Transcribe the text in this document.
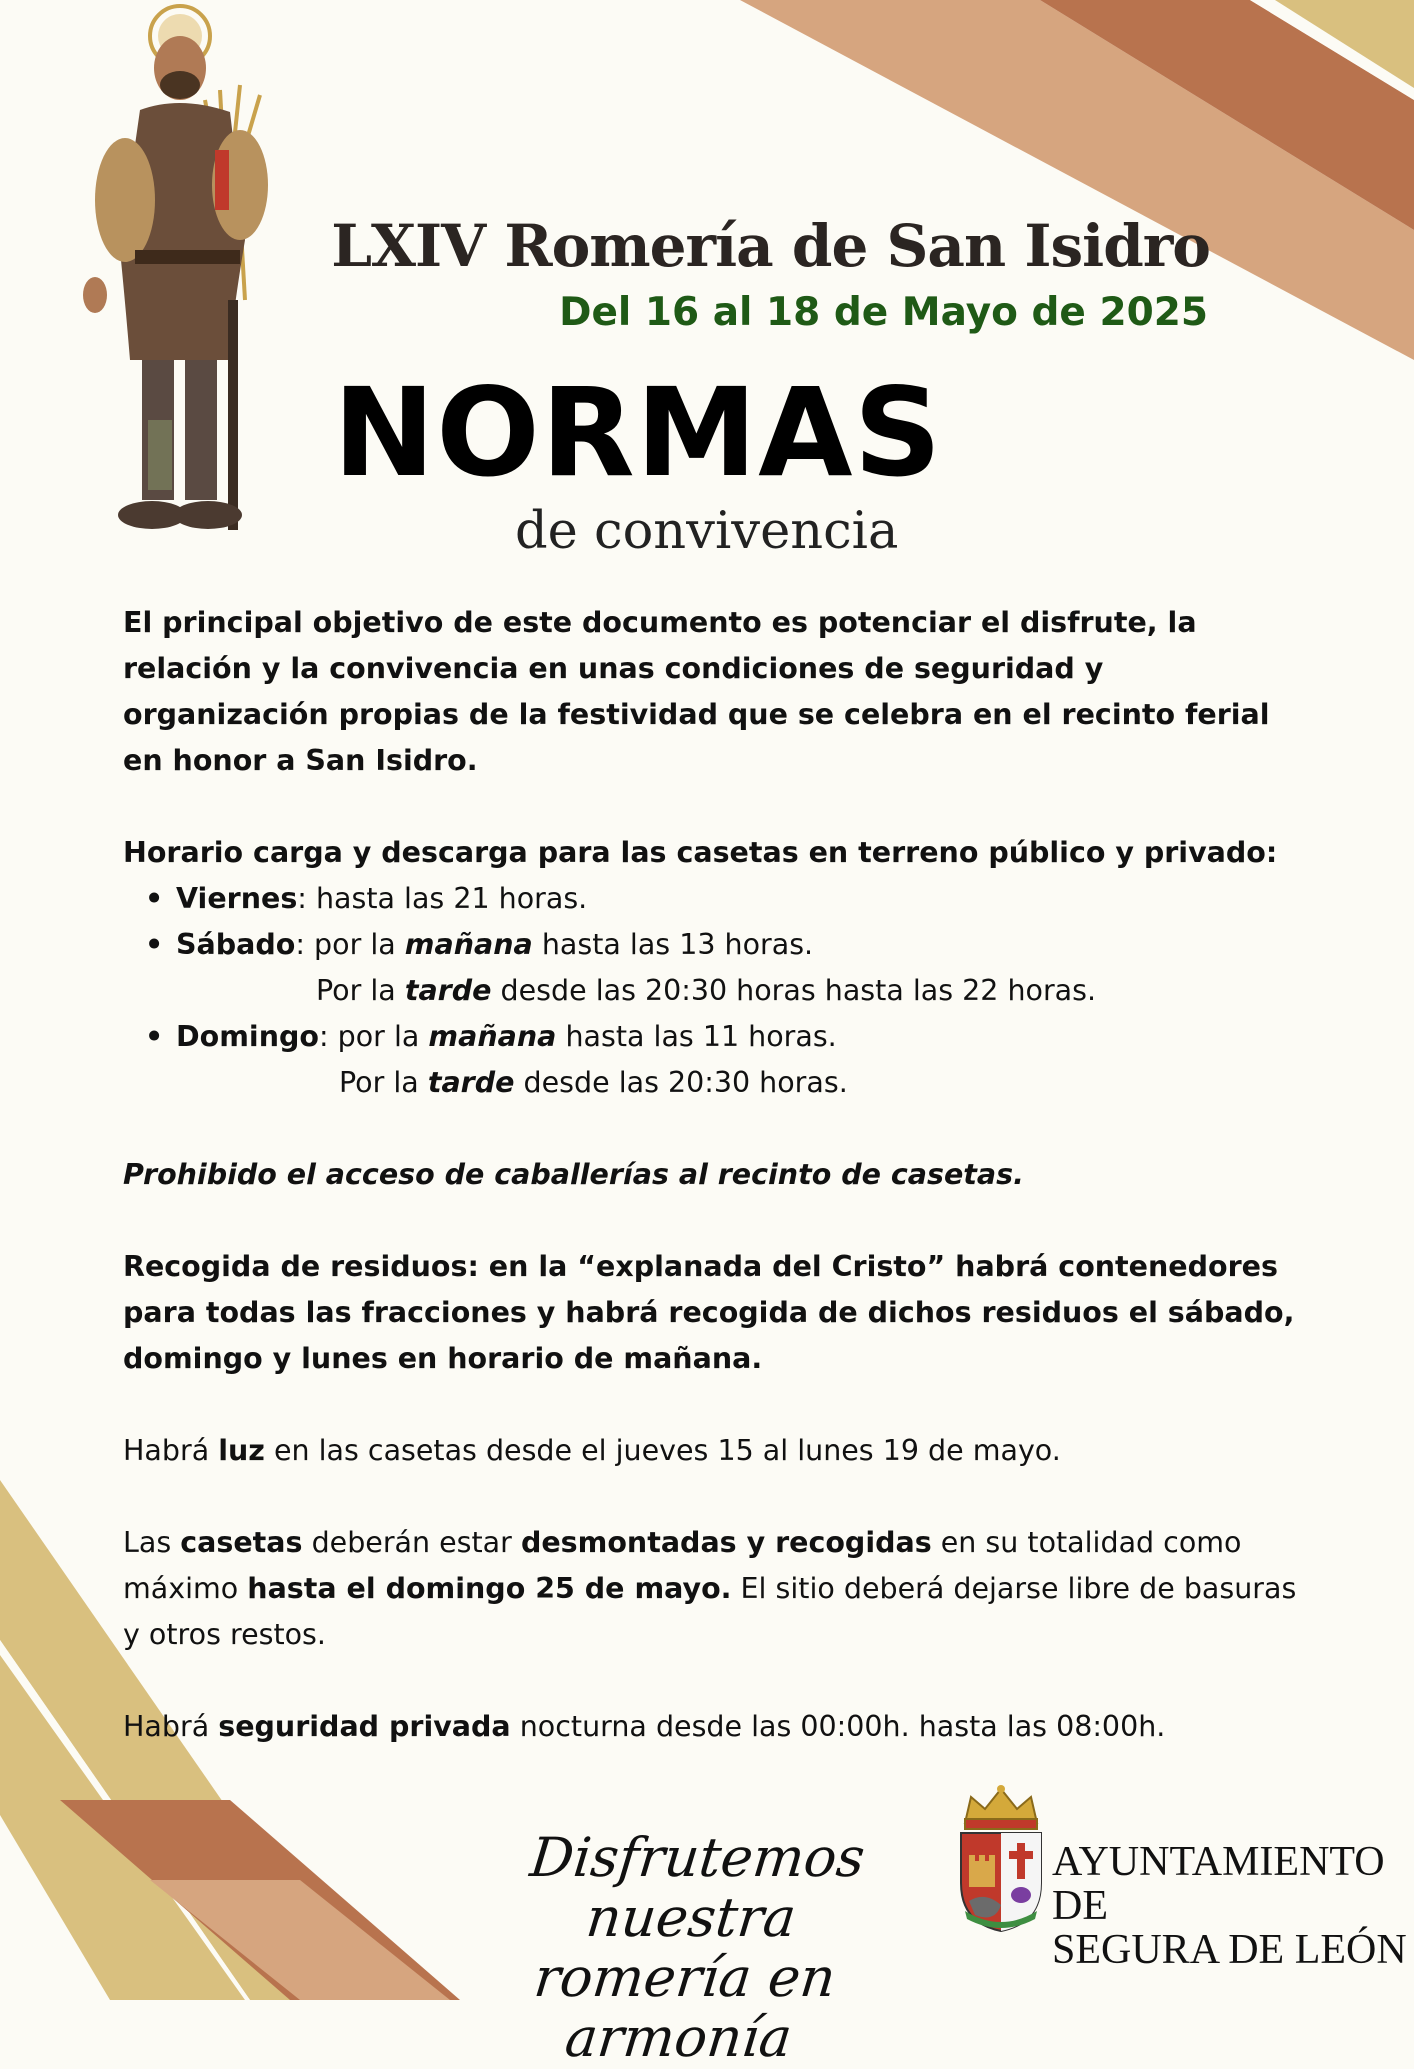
LXIV Romería de San Isidro
Del 16 al 18 de Mayo de 2025
NORMAS
de convivencia

El principal objetivo de este documento es potenciar el disfrute, la relación y la convivencia en unas condiciones de seguridad y organización propias de la festividad que se celebra en el recinto ferial en honor a San Isidro.

Horario carga y descarga para las casetas en terreno público y privado:

• Viernes: hasta las 21 horas.
• Sábado: por la mañana hasta las 13 horas.
Por la tarde desde las 20:30 horas hasta las 22 horas.
• Domingo: por la mañana hasta las 11 horas.
Por la tarde desde las 20:30 horas.

Prohibido el acceso de caballerías al recinto de casetas.

Recogida de residuos: en la “explanada del Cristo” habrá contenedores para todas las fracciones y habrá recogida de dichos residuos el sábado, domingo y lunes en horario de mañana.

Habrá luz en las casetas desde el jueves 15 al lunes 19 de mayo.

Las casetas deberán estar desmontadas y recogidas en su totalidad como máximo hasta el domingo 25 de mayo. El sitio deberá dejarse libre de basuras y otros restos.

Habrá seguridad privada nocturna desde las 00:00h. hasta las 08:00h.

Disfrutemos nuestra
romería en armonía
AYUNTAMIENTO DE
SEGURA DE LEÓN
